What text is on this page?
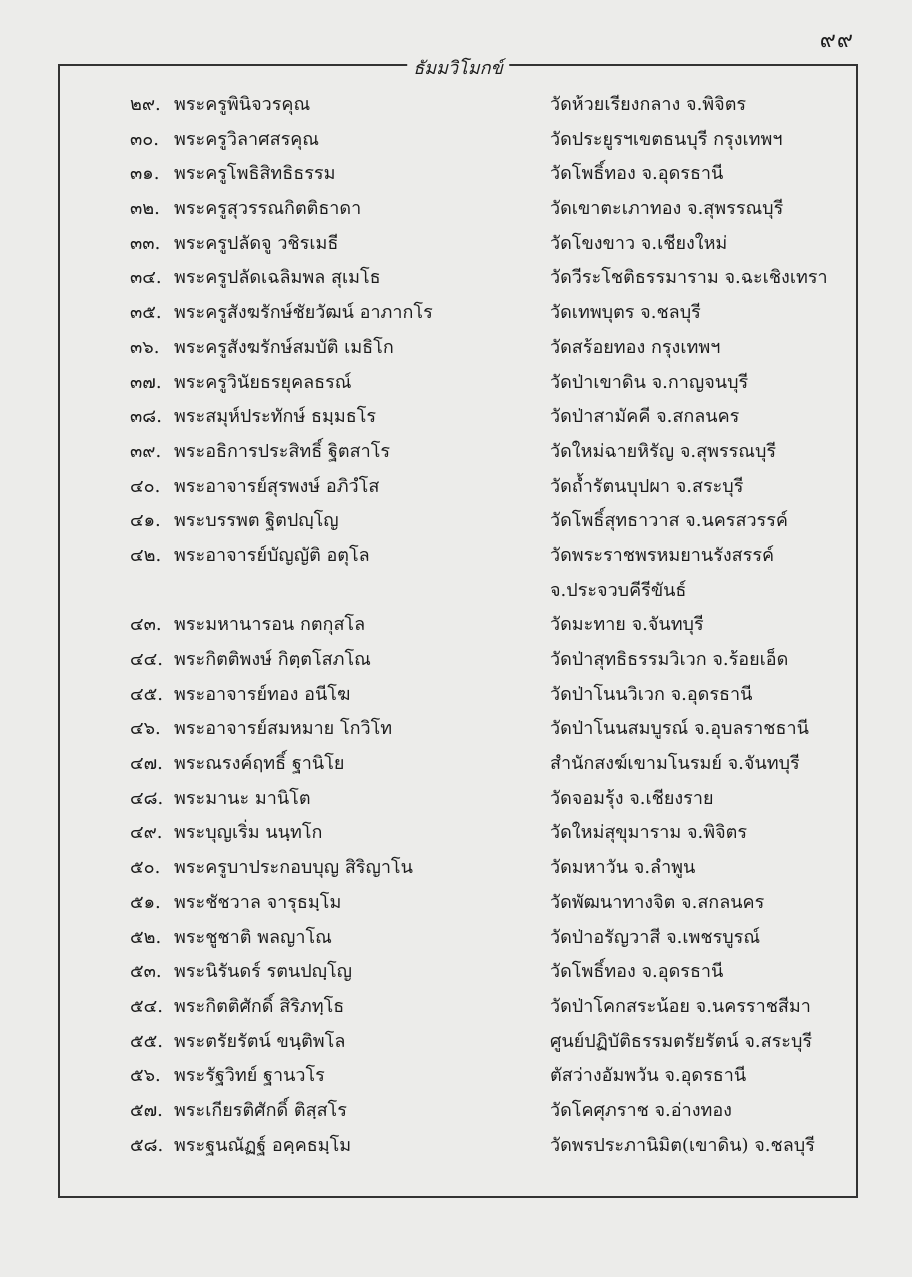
๙๙
ธัมมวิโมกข์
๒๙. พระครูพินิจวรคุณ	วัดห้วยเรียงกลาง จ.พิจิตร
๓๐. พระครูวิลาศสรคุณ	วัดประยูรฯเขตธนบุรี กรุงเทพฯ
๓๑. พระครูโพธิสิทธิธรรม	วัดโพธิ์ทอง จ.อุดรธานี
๓๒. พระครูสุวรรณกิตติธาดา	วัดเขาตะเภาทอง จ.สุพรรณบุรี
๓๓. พระครูปลัดจู วชิรเมธี	วัดโขงขาว จ.เชียงใหม่
๓๔. พระครูปลัดเฉลิมพล สุเมโธ	วัดวีระโชติธรรมาราม จ.ฉะเชิงเทรา
๓๕. พระครูสังฆรักษ์ชัยวัฒน์ อาภากโร	วัดเทพบุตร จ.ชลบุรี
๓๖. พระครูสังฆรักษ์สมบัติ เมธิโก	วัดสร้อยทอง กรุงเทพฯ
๓๗. พระครูวินัยธรยุคลธรณ์	วัดป่าเขาดิน จ.กาญจนบุรี
๓๘. พระสมุห์ประทักษ์ ธมฺมธโร	วัดป่าสามัคคี จ.สกลนคร
๓๙. พระอธิการประสิทธิ์ ฐิตสาโร	วัดใหม่ฉายหิรัญ จ.สุพรรณบุรี
๔๐. พระอาจารย์สุรพงษ์ อภิวํโส	วัดถ้ำรัตนบุปผา จ.สระบุรี
๔๑. พระบรรพต ฐิตปญฺโญ	วัดโพธิ์สุทธาวาส จ.นครสวรรค์
๔๒. พระอาจารย์บัญญัติ อตุโล	วัดพระราชพรหมยานรังสรรค์
จ.ประจวบคีรีขันธ์
๔๓. พระมหานารอน กตกุสโล	วัดมะทาย จ.จันทบุรี
๔๔. พระกิตติพงษ์ กิตฺตโสภโณ	วัดป่าสุทธิธรรมวิเวก จ.ร้อยเอ็ด
๔๕. พระอาจารย์ทอง อนีโฆ	วัดป่าโนนวิเวก จ.อุดรธานี
๔๖. พระอาจารย์สมหมาย โกวิโท	วัดป่าโนนสมบูรณ์ จ.อุบลราชธานี
๔๗. พระณรงค์ฤทธิ์ ฐานิโย	สำนักสงฆ์เขามโนรมย์ จ.จันทบุรี
๔๘. พระมานะ มานิโต	วัดจอมรุ้ง จ.เชียงราย
๔๙. พระบุญเริ่ม นนฺทโก	วัดใหม่สุขุมาราม จ.พิจิตร
๕๐. พระครูบาประกอบบุญ สิริญาโน	วัดมหาวัน จ.ลำพูน
๕๑. พระชัชวาล จารุธมฺโม	วัดพัฒนาทางจิต จ.สกลนคร
๕๒. พระชูชาติ พลญาโณ	วัดป่าอรัญวาสี จ.เพชรบูรณ์
๕๓. พระนิรันดร์ รตนปญฺโญ	วัดโพธิ์ทอง จ.อุดรธานี
๕๔. พระกิตติศักดิ์ สิริภทฺโธ	วัดป่าโคกสระน้อย จ.นครราชสีมา
๕๕. พระตรัยรัตน์ ขนฺติพโล	ศูนย์ปฏิบัติธรรมตรัยรัตน์ จ.สระบุรี
๕๖. พระรัฐวิทย์ ฐานวโร	ตัสว่างอัมพวัน จ.อุดรธานี
๕๗. พระเกียรติศักดิ์ ติสฺสโร	วัดโคศุภราช จ.อ่างทอง
๕๘. พระฐนณัฏฐ์ อคฺคธมฺโม	วัดพรประภานิมิต(เขาดิน) จ.ชลบุรี
